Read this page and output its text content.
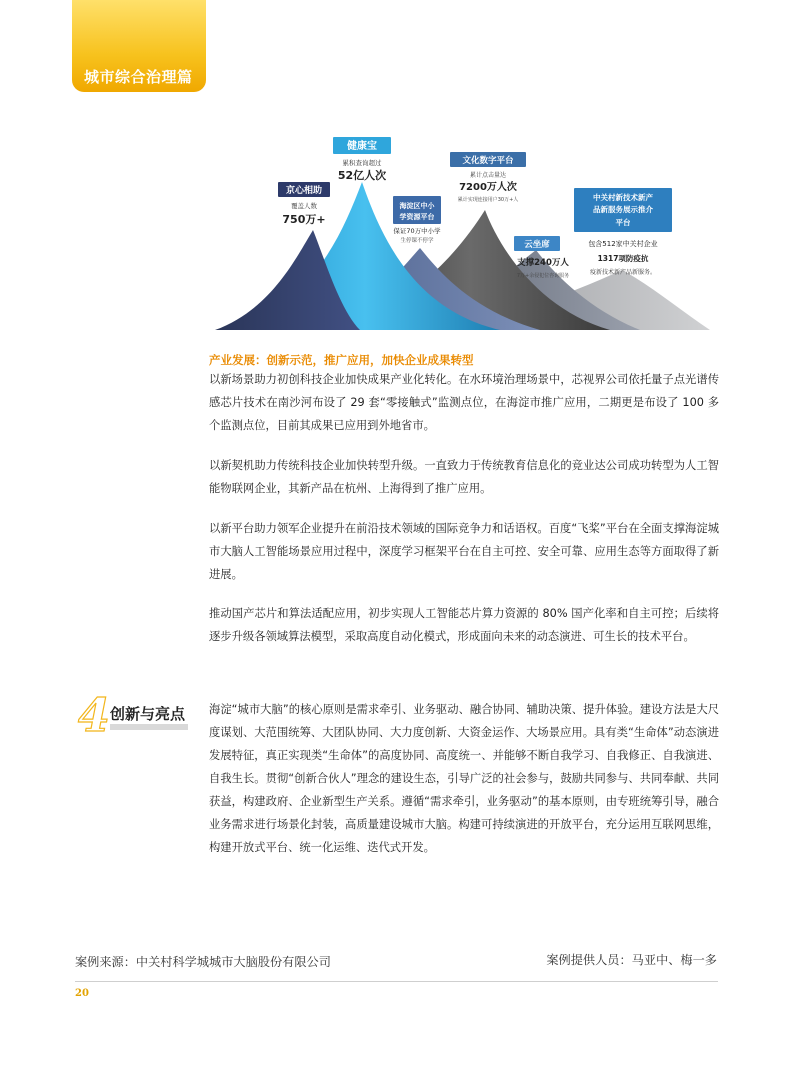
城市综合治理篇
京心相助
覆盖人数
750万+
健康宝
累积查询超过
52亿人次
海淀区中小
学资源平台
保证70万中小学
生停课不停学
文化数字平台
累计点击量达
7200万人次
累计实现连接用户30万+人
云坐席
支撑240万人
7万+余侵犯位咨询服务
中关村新技术新产
品新服务展示推介
平台
包含512家中关村企业
1317项防疫抗
疫新技术新产品新服务。
产业发展：创新示范，推广应用，加快企业成果转型

以新场景助力初创科技企业加快成果产业化转化。在水环境治理场景中，芯视界公司依托量子点光谱传感芯片技术在南沙河布设了 29 套“零接触式”监测点位，在海淀市推广应用，二期更是布设了 100 多个监测点位，目前其成果已应用到外地省市。

以新契机助力传统科技企业加快转型升级。一直致力于传统教育信息化的竞业达公司成功转型为人工智能物联网企业，其新产品在杭州、上海得到了推广应用。

以新平台助力领军企业提升在前沿技术领域的国际竞争力和话语权。百度“飞桨”平台在全面支撑海淀城市大脑人工智能场景应用过程中，深度学习框架平台在自主可控、安全可靠、应用生态等方面取得了新进展。

推动国产芯片和算法适配应用，初步实现人工智能芯片算力资源的 80% 国产化率和自主可控；后续将逐步升级各领域算法模型，采取高度自动化模式，形成面向未来的动态演进、可生长的技术平台。

4 创新与亮点 海淀“城市大脑”的核心原则是需求牵引、业务驱动、融合协同、辅助决策、提升体验。建设方法是大尺度谋划、大范围统筹、大团队协同、大力度创新、大资金运作、大场景应用。具有类“生命体”动态演进发展特征，真正实现类“生命体”的高度协同、高度统一、并能够不断自我学习、自我修正、自我演进、自我生长。贯彻“创新合伙人”理念的建设生态，引导广泛的社会参与，鼓励共同参与、共同奉献、共同获益，构建政府、企业新型生产关系。遵循“需求牵引，业务驱动”的基本原则，由专班统筹引导，融合业务需求进行场景化封装，高质量建设城市大脑。构建可持续演进的开放平台，充分运用互联网思维，构建开放式平台、统一化运维、迭代式开发。

案例来源：中关村科学城城市大脑股份有限公司	案例提供人员：马亚中、梅一多
20
